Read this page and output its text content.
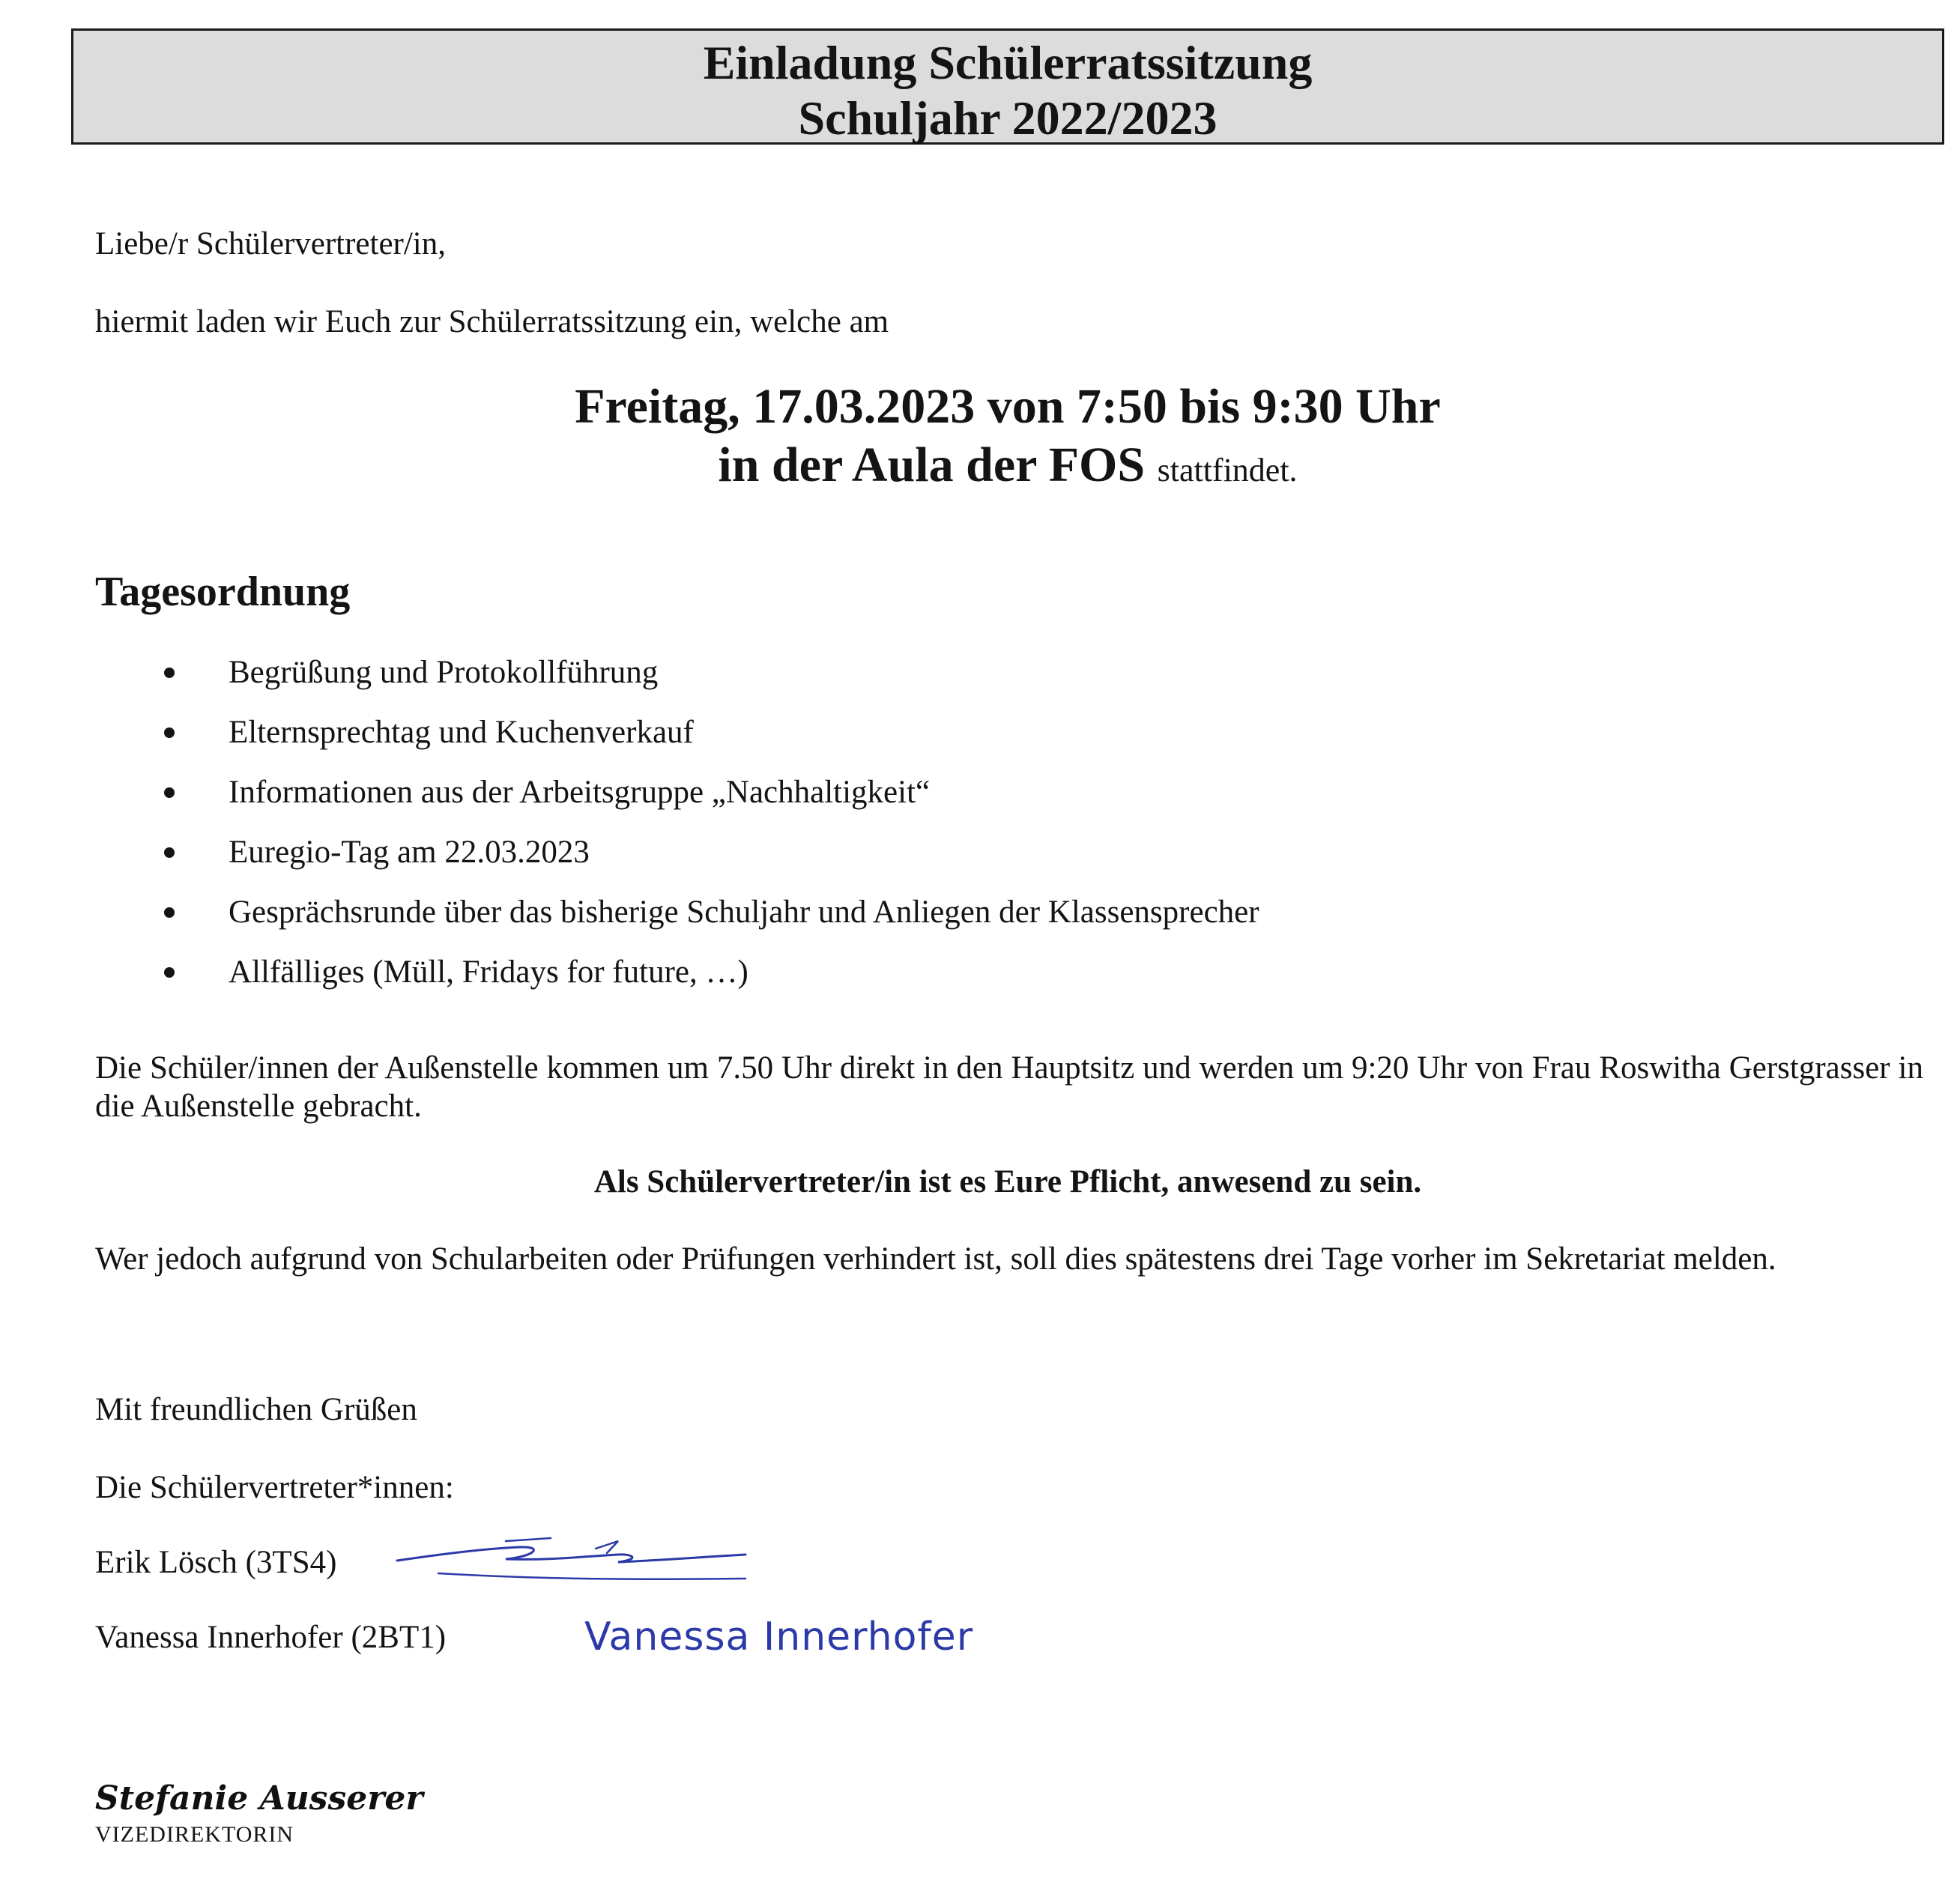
Einladung Schülerratssitzung
Schuljahr 2022/2023
Liebe/r Schülervertreter/in,
hiermit laden wir Euch zur Schülerratssitzung ein, welche am
Freitag, 17.03.2023 von 7:50 bis 9:30 Uhr
in der Aula der FOS stattfindet.
Tagesordnung
Begrüßung und Protokollführung
Elternsprechtag und Kuchenverkauf
Informationen aus der Arbeitsgruppe „Nachhaltigkeit“
Euregio-Tag am 22.03.2023
Gesprächsrunde über das bisherige Schuljahr und Anliegen der Klassensprecher
Allfälliges (Müll, Fridays for future, …)
Die Schüler/innen der Außenstelle kommen um 7.50 Uhr direkt in den Hauptsitz und werden um 9:20 Uhr von Frau Roswitha Gerstgrasser in die Außenstelle gebracht.
Als Schülervertreter/in ist es Eure Pflicht, anwesend zu sein.
Wer jedoch aufgrund von Schularbeiten oder Prüfungen verhindert ist, soll dies spätestens drei Tage vorher im Sekretariat melden.
Mit freundlichen Grüßen
Die Schülervertreter*innen:
Erik Lösch (3TS4)
Vanessa Innerhofer (2BT1)	Vanessa Innerhofer
Stefanie Ausserer
VIZEDIREKTORIN
